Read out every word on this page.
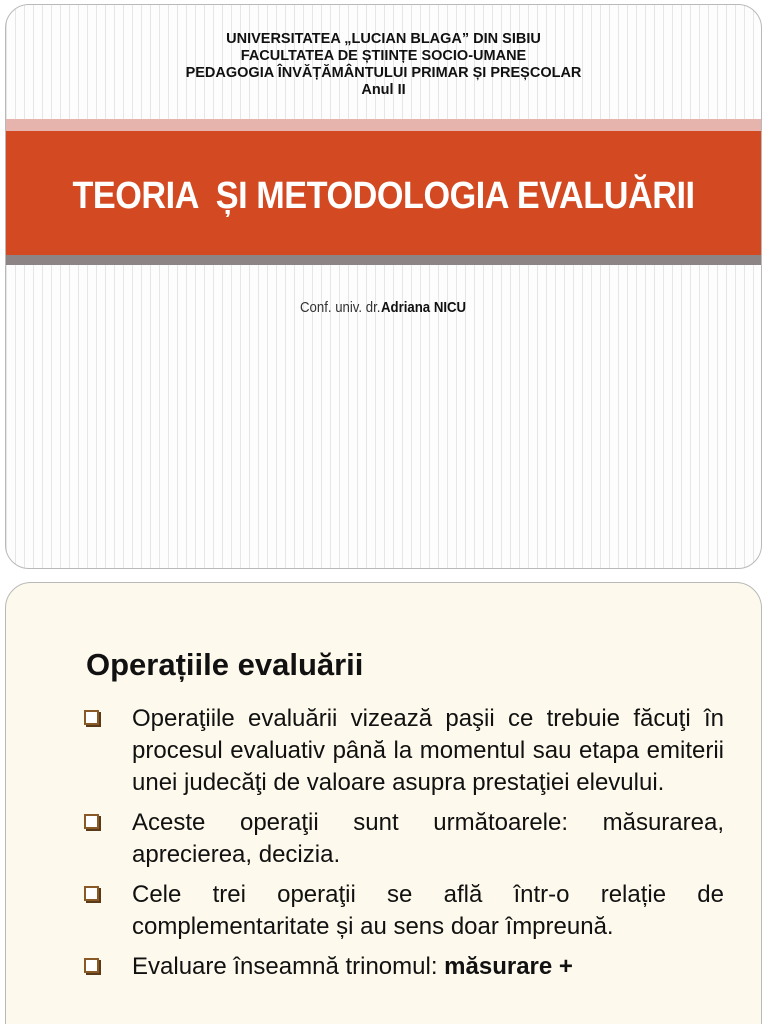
UNIVERSITATEA „LUCIAN BLAGA” DIN SIBIU
FACULTATEA DE ȘTIINȚE SOCIO-UMANE
PEDAGOGIA ÎNVĂȚĂMÂNTULUI PRIMAR ȘI PREȘCOLAR
Anul II
TEORIA  ȘI METODOLOGIA EVALUĂRII
Conf. univ. dr.Adriana NICU
Operațiile evaluării
Operaţiile evaluării vizează paşii ce trebuie făcuţi în procesul evaluativ până la momentul sau etapa emiterii unei judecăţi de valoare asupra prestaţiei elevului.
Aceste operaţii sunt următoarele: măsurarea, aprecierea, decizia.
Cele trei operaţii se află într-o relație de complementaritate și au sens doar împreună.
Evaluare înseamnă trinomul: măsurare +
